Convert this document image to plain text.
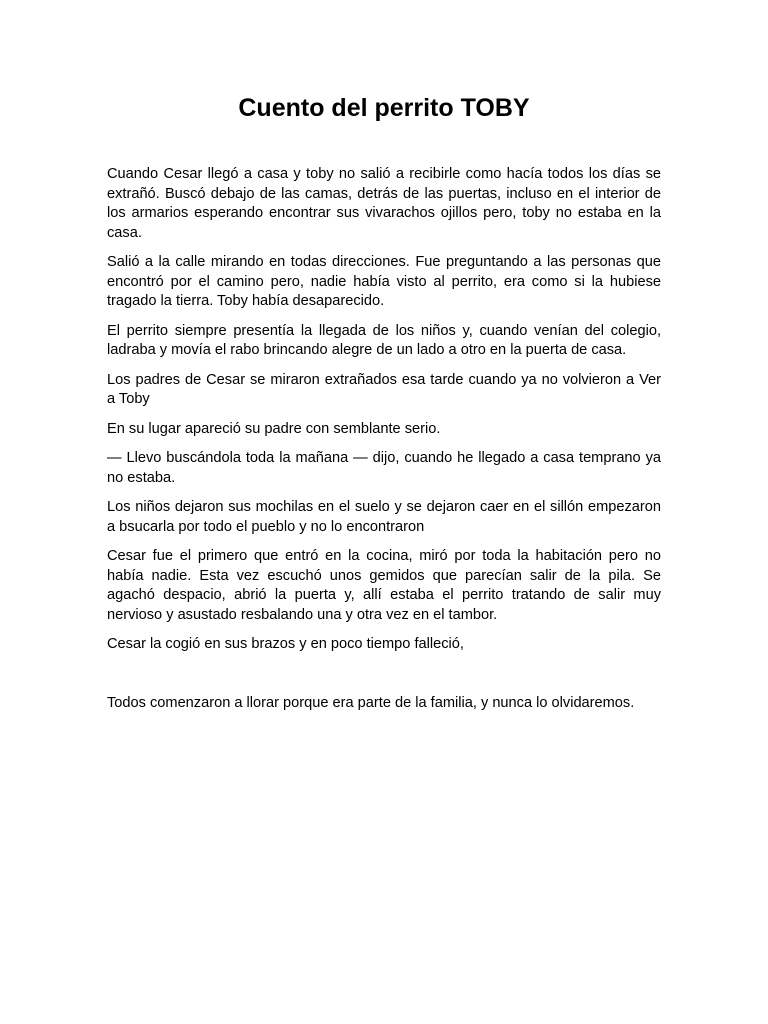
Cuento del perrito TOBY

Cuando Cesar llegó a casa y toby no salió a recibirle como hacía todos los días se extrañó. Buscó debajo de las camas, detrás de las puertas, incluso en el interior de los armarios esperando encontrar sus vivarachos ojillos pero, toby no estaba en la casa.

Salió a la calle mirando en todas direcciones. Fue preguntando a las personas que encontró por el camino pero, nadie había visto al perrito, era como si la hubiese tragado la tierra. Toby había desaparecido.

El perrito siempre presentía la llegada de los niños y, cuando venían del colegio, ladraba y movía el rabo brincando alegre de un lado a otro en la puerta de casa.

Los padres de Cesar se miraron extrañados esa tarde cuando ya no volvieron a Ver a Toby

En su lugar apareció su padre con semblante serio.

— Llevo buscándola toda la mañana — dijo, cuando he llegado a casa temprano ya no estaba.

Los niños dejaron sus mochilas en el suelo y se dejaron caer en el sillón empezaron a bsucarla por todo el pueblo y no lo encontraron

Cesar fue el primero que entró en la cocina, miró por toda la habitación pero no había nadie. Esta vez escuchó unos gemidos que parecían salir de la pila. Se agachó despacio, abrió la puerta y, allí estaba el perrito tratando de salir muy nervioso y asustado resbalando una y otra vez en el tambor.

Cesar la cogió en sus brazos y en poco tiempo falleció,

Todos comenzaron a llorar porque era parte de la familia, y nunca lo olvidaremos.
